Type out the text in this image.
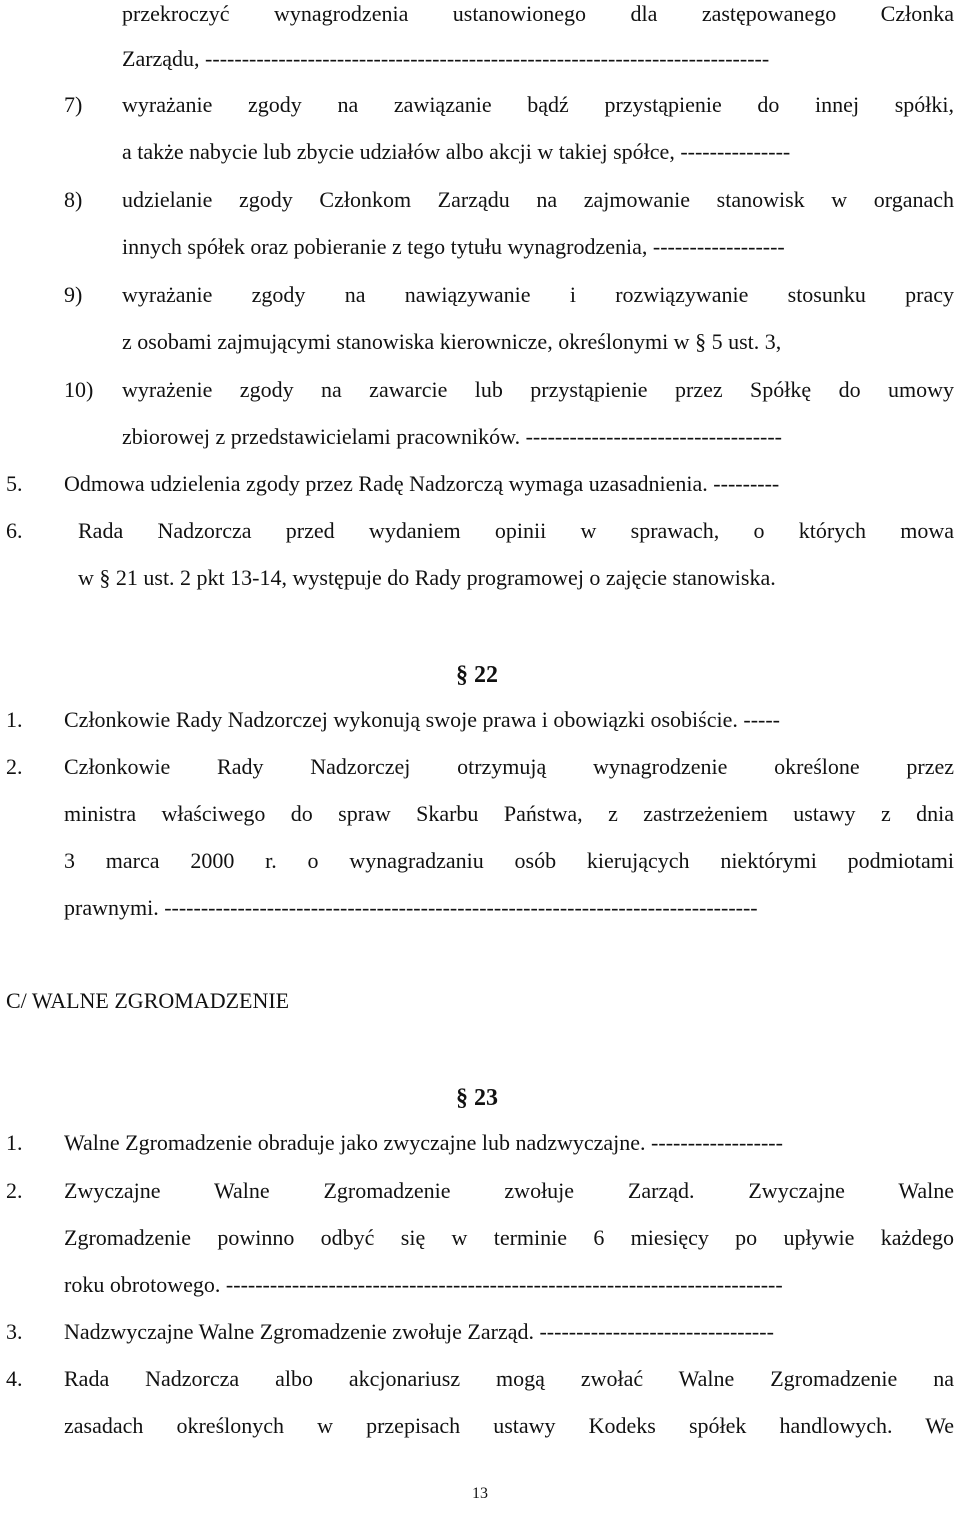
przekroczyć wynagrodzenia ustanowionego dla zastępowanego Członka
Zarządu, -----------------------------------------------------------------------------
7) wyrażanie zgody na zawiązanie bądź przystąpienie do innej spółki,
a także nabycie lub zbycie udziałów albo akcji w takiej spółce, ---------------
8) udzielanie zgody Członkom Zarządu na zajmowanie stanowisk w organach
innych spółek oraz pobieranie z tego tytułu wynagrodzenia, ------------------
9) wyrażanie zgody na nawiązywanie i rozwiązywanie stosunku pracy
z osobami zajmującymi stanowiska kierownicze, określonymi w § 5 ust. 3,
10) wyrażenie zgody na zawarcie lub przystąpienie przez Spółkę do umowy
zbiorowej z przedstawicielami pracowników. -----------------------------------
5. Odmowa udzielenia zgody przez Radę Nadzorczą wymaga uzasadnienia. ---------
6.	Rada Nadzorcza przed wydaniem opinii w sprawach, o których mowa
w § 21 ust. 2 pkt 13-14, występuje do Rady programowej o zajęcie stanowiska.
§ 22
1. Członkowie Rady Nadzorczej wykonują swoje prawa i obowiązki osobiście. -----
2. Członkowie Rady Nadzorczej otrzymują wynagrodzenie określone przez
ministra właściwego do spraw Skarbu Państwa, z zastrzeżeniem ustawy z dnia
3 marca 2000 r. o wynagradzaniu osób kierujących niektórymi podmiotami
prawnymi. ---------------------------------------------------------------------------------
C/ WALNE ZGROMADZENIE
§ 23
1. Walne Zgromadzenie obraduje jako zwyczajne lub nadzwyczajne. ------------------
2. Zwyczajne Walne Zgromadzenie zwołuje Zarząd. Zwyczajne Walne
Zgromadzenie powinno odbyć się w terminie 6 miesięcy po upływie każdego
roku obrotowego. ----------------------------------------------------------------------------
3. Nadzwyczajne Walne Zgromadzenie zwołuje Zarząd. --------------------------------
4. Rada Nadzorcza albo akcjonariusz mogą zwołać Walne Zgromadzenie na
zasadach określonych w przepisach ustawy Kodeks spółek handlowych. We
13
